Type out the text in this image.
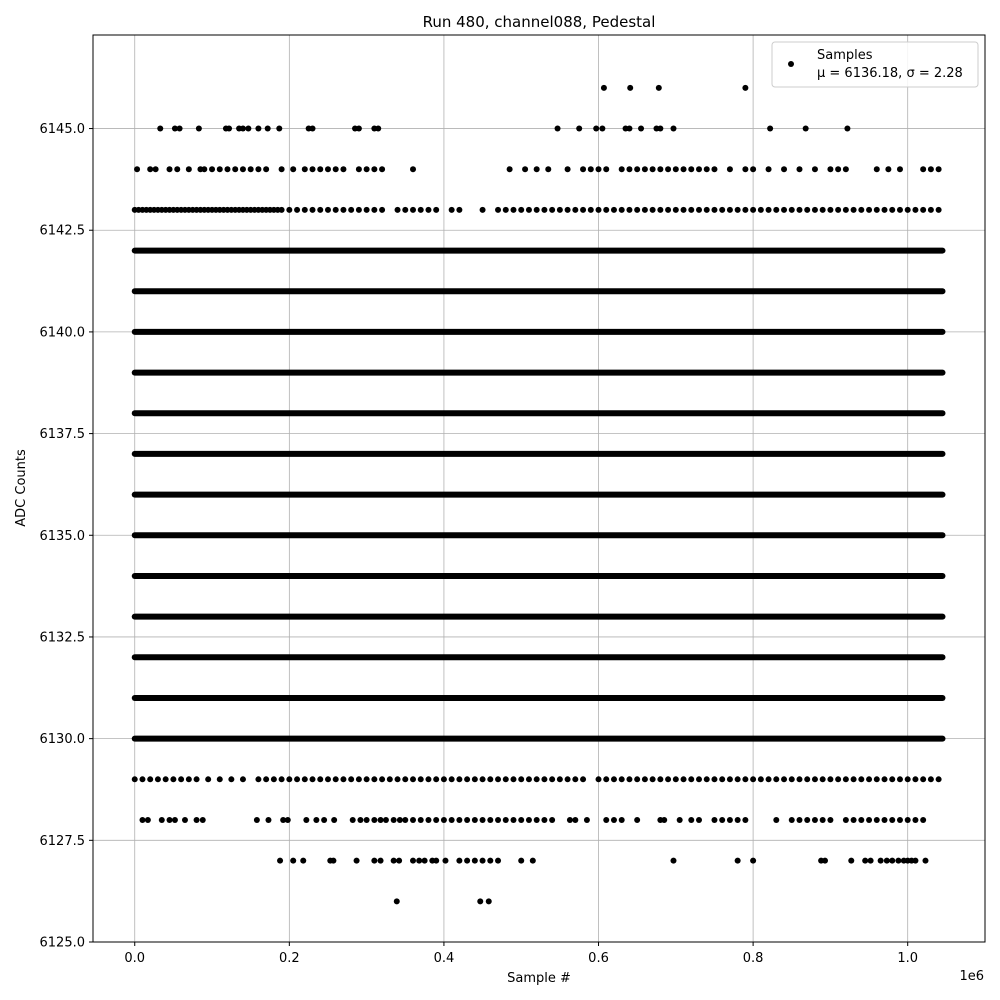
0.0	0.2	0.4	0.6	0.8	1.0
6125.0
6127.5
6130.0
6132.5
6135.0
6137.5
6140.0
6142.5
6145.0
Run 480, channel088, Pedestal
Sample #
ADC Counts
1e6
Samples
μ = 6136.18, σ = 2.28
